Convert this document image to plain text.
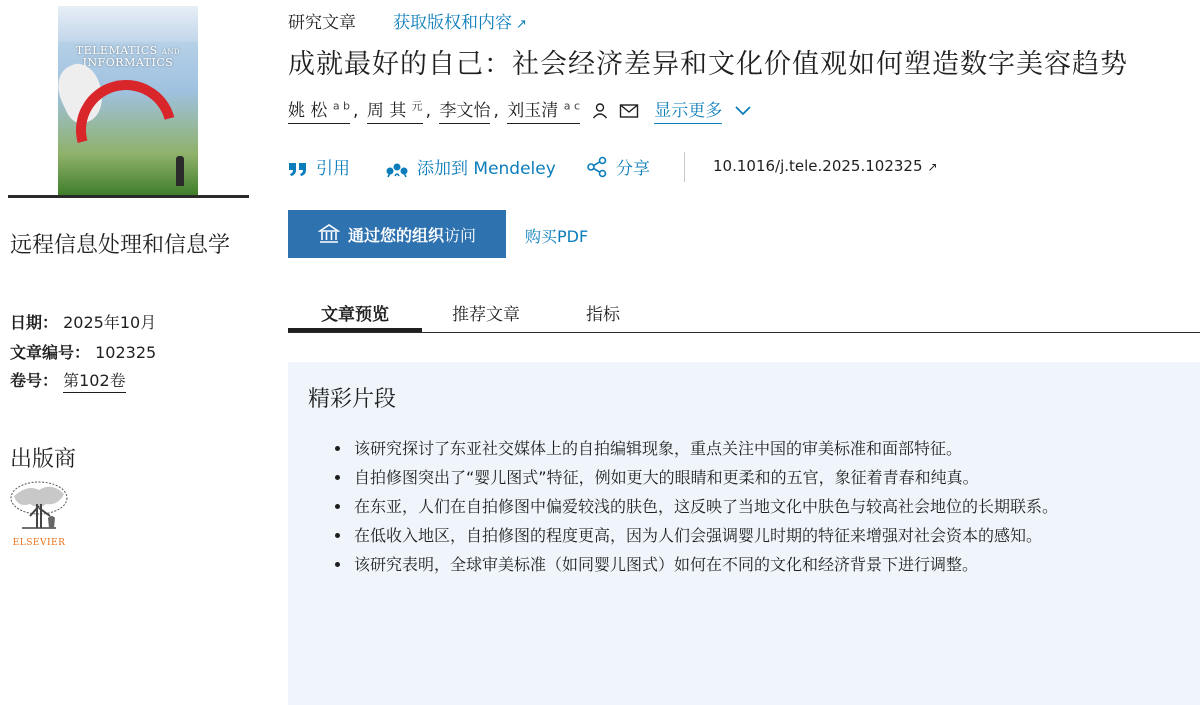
TELEMATICS AND
INFORMATICS
远程信息处理和信息学
日期： 2025年10月
文章编号： 102325
卷号： 第102卷
出版商
ELSEVIER
研究文章 获取版权和内容 ↗
成就最好的自己：社会经济差异和文化价值观如何塑造数字美容趋势
姚 松 $^{a b}$ , 周 其 $^元$ , 李文怡 , 刘玉清 $^{a c}$	显示更多
引用	添加到 Mendeley	分享	10.1016/j.tele.2025.102325 ↗
通过您的组织 访问	购买PDF
文章预览	推荐文章	指标
精彩片段
• 该研究探讨了东亚社交媒体上的自拍编辑现象，重点关注中国的审美标准和面部特征。
• 自拍修图突出了“婴儿图式”特征，例如更大的眼睛和更柔和的五官，象征着青春和纯真。
• 在东亚，人们在自拍修图中偏爱较浅的肤色，这反映了当地文化中肤色与较高社会地位的长期联系。
• 在低收入地区，自拍修图的程度更高，因为人们会强调婴儿时期的特征来增强对社会资本的感知。
• 该研究表明，全球审美标准（如同婴儿图式）如何在不同的文化和经济背景下进行调整。
